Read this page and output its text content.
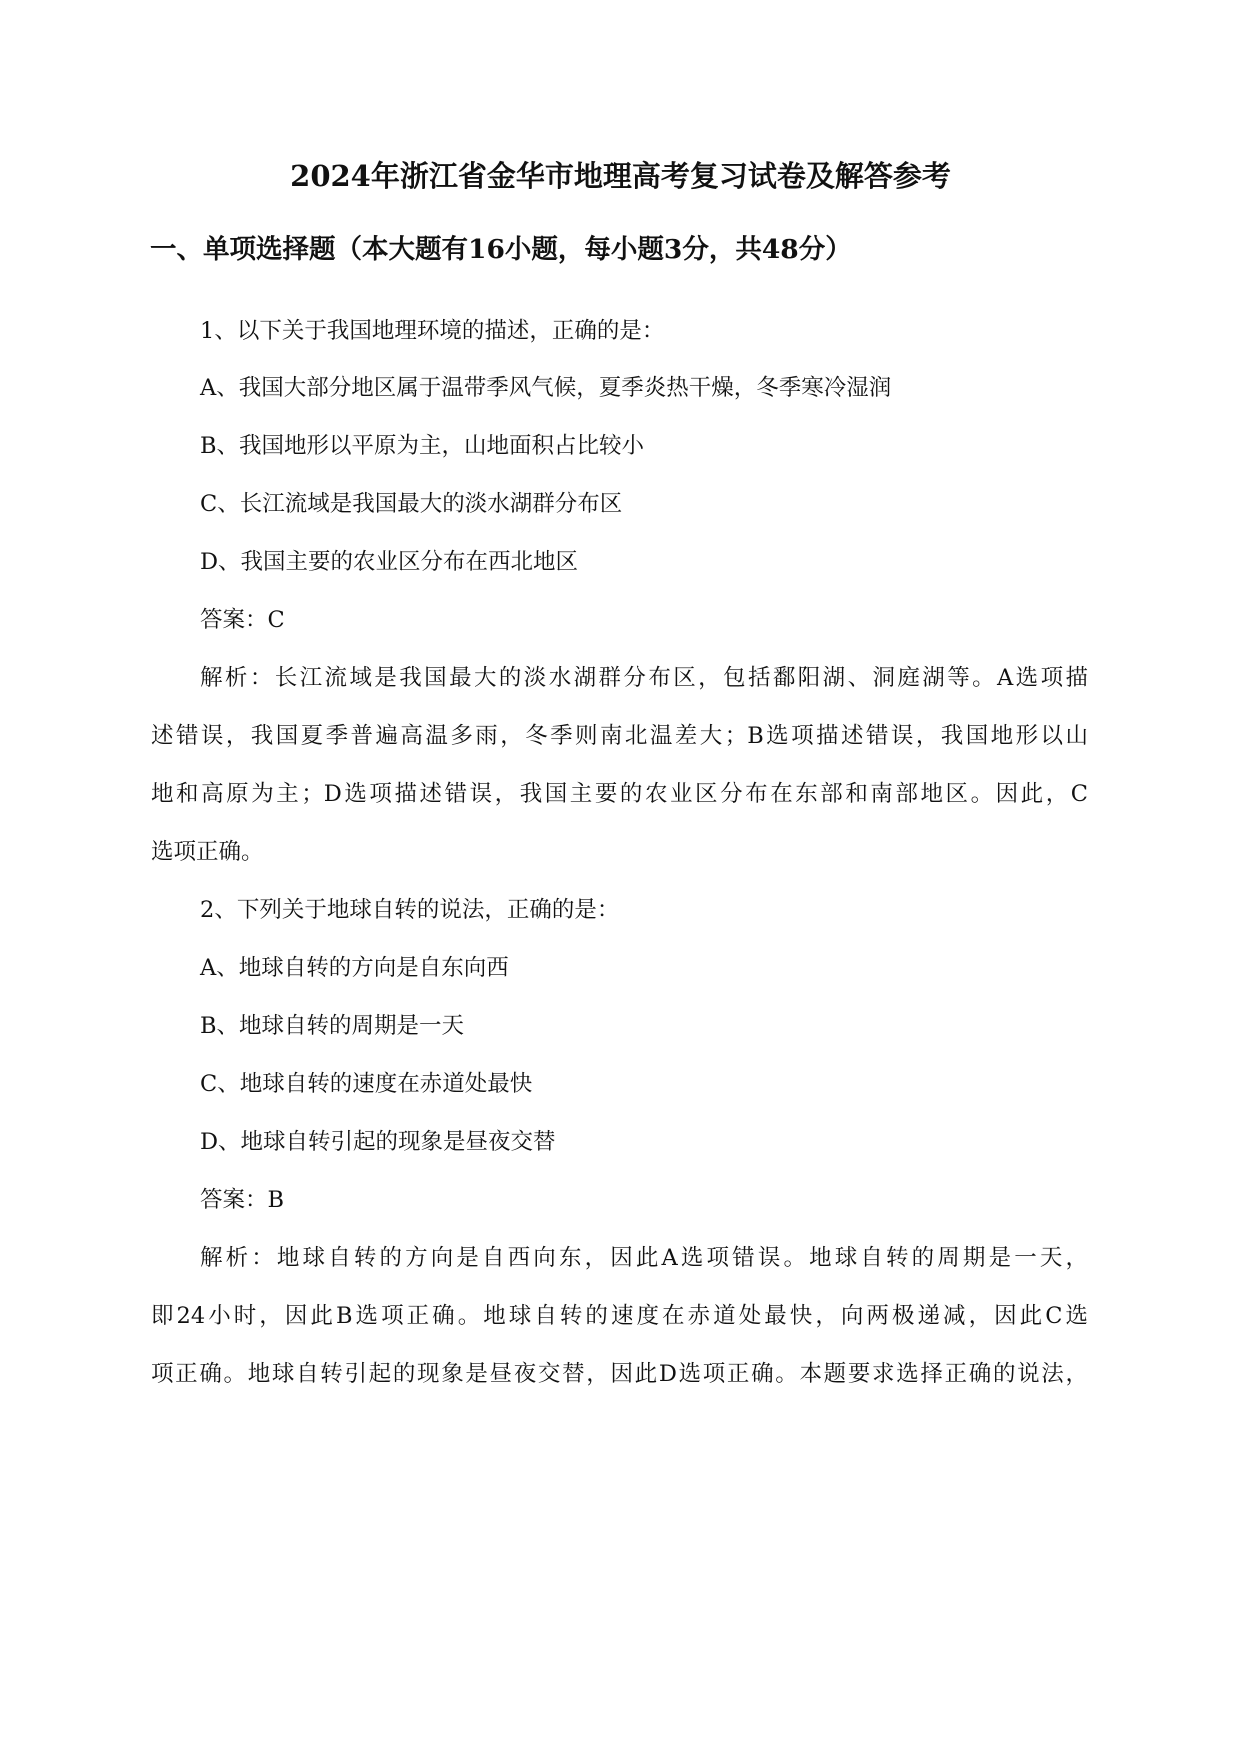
2024年浙江省金华市地理高考复习试卷及解答参考
一、单项选择题（本大题有16小题，每小题3分，共48分）
1、以下关于我国地理环境的描述，正确的是：
A、我国大部分地区属于温带季风气候，夏季炎热干燥，冬季寒冷湿润
B、我国地形以平原为主，山地面积占比较小
C、长江流域是我国最大的淡水湖群分布区
D、我国主要的农业区分布在西北地区
答案：C
解析：长江流域是我国最大的淡水湖群分布区，包括鄱阳湖、洞庭湖等。A选项描
述错误，我国夏季普遍高温多雨，冬季则南北温差大；B选项描述错误，我国地形以山
地和高原为主；D选项描述错误，我国主要的农业区分布在东部和南部地区。因此，C
选项正确。
2、下列关于地球自转的说法，正确的是：
A、地球自转的方向是自东向西
B、地球自转的周期是一天
C、地球自转的速度在赤道处最快
D、地球自转引起的现象是昼夜交替
答案：B
解析：地球自转的方向是自西向东，因此A选项错误。地球自转的周期是一天，
即24小时，因此B选项正确。地球自转的速度在赤道处最快，向两极递减，因此C选
项正确。地球自转引起的现象是昼夜交替，因此D选项正确。本题要求选择正确的说法，
